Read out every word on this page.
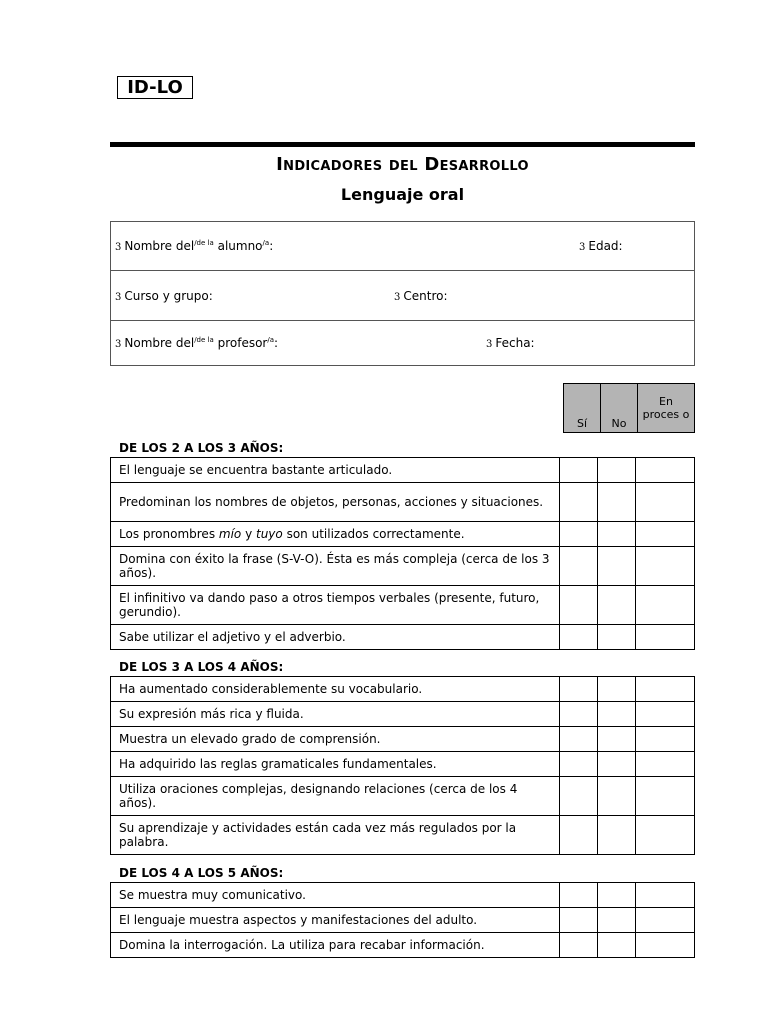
ID-LO
Indicadores del Desarrollo
Lenguaje oral
3 Nombre del$^{/de la}$ alumno$^{/a}$:	3 Edad:
3 Curso y grupo:	3 Centro:
3 Nombre del$^{/de la}$ profesor$^{/a}$:	3 Fecha:
Sí No
En proces o
DE LOS 2 A LOS 3 AÑOS:
El lenguaje se encuentra bastante articulado.			
Predominan los nombres de objetos, personas, acciones y situaciones.			
Los pronombres mío y tuyo son utilizados correctamente.			
Domina con éxito la frase (S-V-O). Ésta es más compleja (cerca de los 3 años).			
El infinitivo va dando paso a otros tiempos verbales (presente, futuro, gerundio).			
Sabe utilizar el adjetivo y el adverbio.			
DE LOS 3 A LOS 4 AÑOS:
Ha aumentado considerablemente su vocabulario.			
Su expresión más rica y fluida.			
Muestra un elevado grado de comprensión.			
Ha adquirido las reglas gramaticales fundamentales.			
Utiliza oraciones complejas, designando relaciones (cerca de los 4 años).			
Su aprendizaje y actividades están cada vez más regulados por la palabra.			
DE LOS 4 A LOS 5 AÑOS:
Se muestra muy comunicativo.			
El lenguaje muestra aspectos y manifestaciones del adulto.			
Domina la interrogación. La utiliza para recabar información.			
